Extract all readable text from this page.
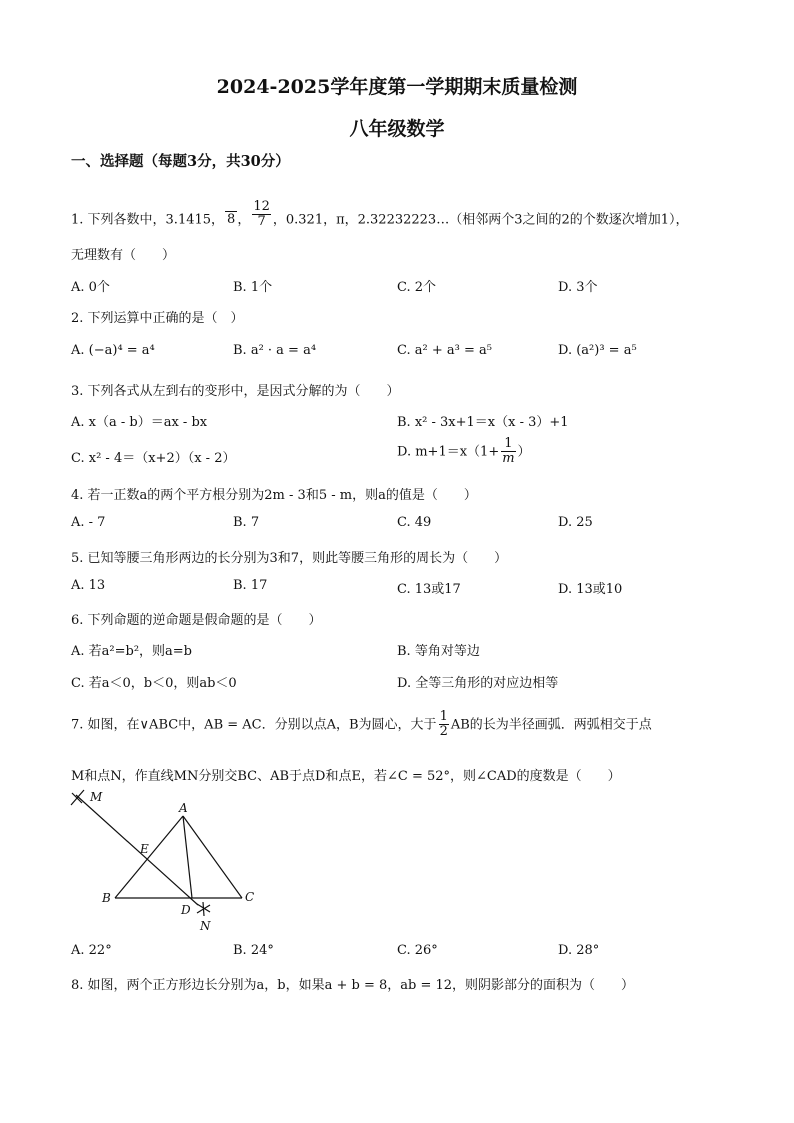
2024-2025学年度第一学期期末质量检测
八年级数学
一、选择题（每题3分，共30分）
1. 下列各数中，3.1415， 8 ， $\frac{12}{7}$ ，0.321，π，2.32232223…（相邻两个3之间的2的个数逐次增加1），
无理数有（　　）
A. 0个	B. 1个	C. 2个	D. 3个
2. 下列运算中正确的是（　）
A. (−a)⁴ = a⁴	B. a² · a = a⁴	C. a² + a³ = a⁵	D. (a²)³ = a⁵
3. 下列各式从左到右的变形中，是因式分解的为（　　）
A. x（a - b）＝ax - bx	B. x² - 3x+1＝x（x - 3）+1
C. x² - 4＝（x+2）（x - 2）	D. $m+1=x(1+ \frac{1}{m}$ ）
4. 若一正数a的两个平方根分别为2m - 3和5 - m，则a的值是（　　）
A. - 7	B. 7	C. 49	D. 25
5. 已知等腰三角形两边的长分别为3和7，则此等腰三角形的周长为（　　）
A. 13	B. 17	C. 13或17	D. 13或10
6. 下列命题的逆命题是假命题的是（　　）
A. 若a²=b²，则a=b	B. 等角对等边
C. 若a＜0，b＜0，则ab＜0	D. 全等三角形的对应边相等
7. 如图，在∨ABC中，AB = AC．分别以点A，B为圆心，大于 $\frac{1}{2}$ AB的长为半径画弧．两弧相交于点
M和点N，作直线MN分别交BC、AB于点D和点E，若∠C = 52°，则∠CAD的度数是（　　）
M
A
E
B
D
C
N
A. 22°	B. 24°	C. 26°	D. 28°
8. 如图，两个正方形边长分别为a，b，如果a + b = 8，ab = 12，则阴影部分的面积为（　　）
